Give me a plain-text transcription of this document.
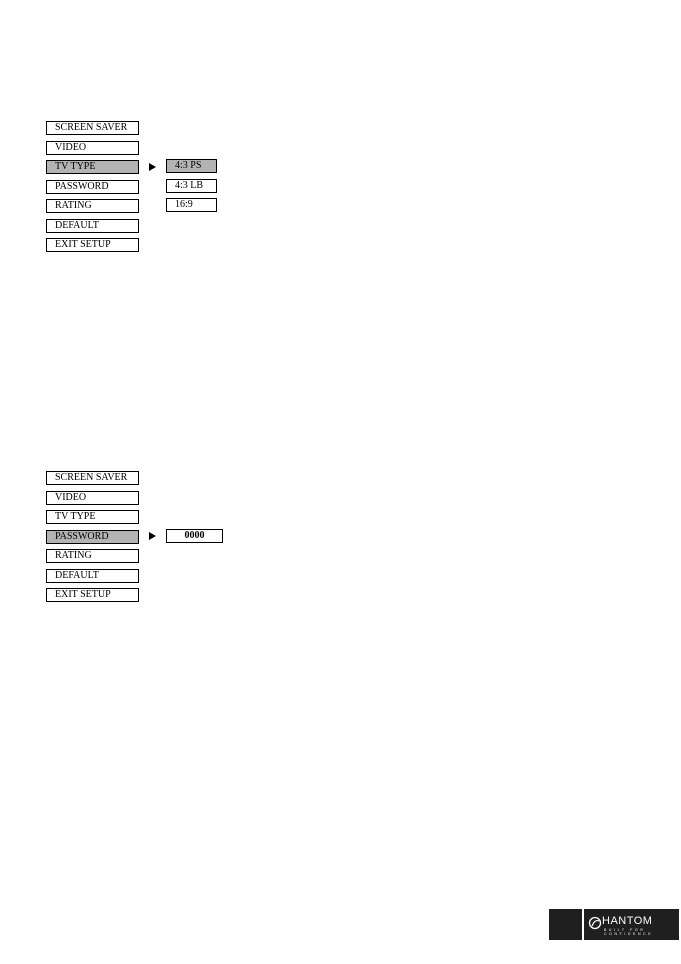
SCREEN SAVER
VIDEO
TV TYPE
PASSWORD
RATING
DEFAULT
EXIT SETUP
4:3 PS
4:3 LB
16:9
SCREEN SAVER
VIDEO
TV TYPE
PASSWORD
RATING
DEFAULT
EXIT SETUP
0000
HANTOM
BUILT FOR CONFIDENCE
